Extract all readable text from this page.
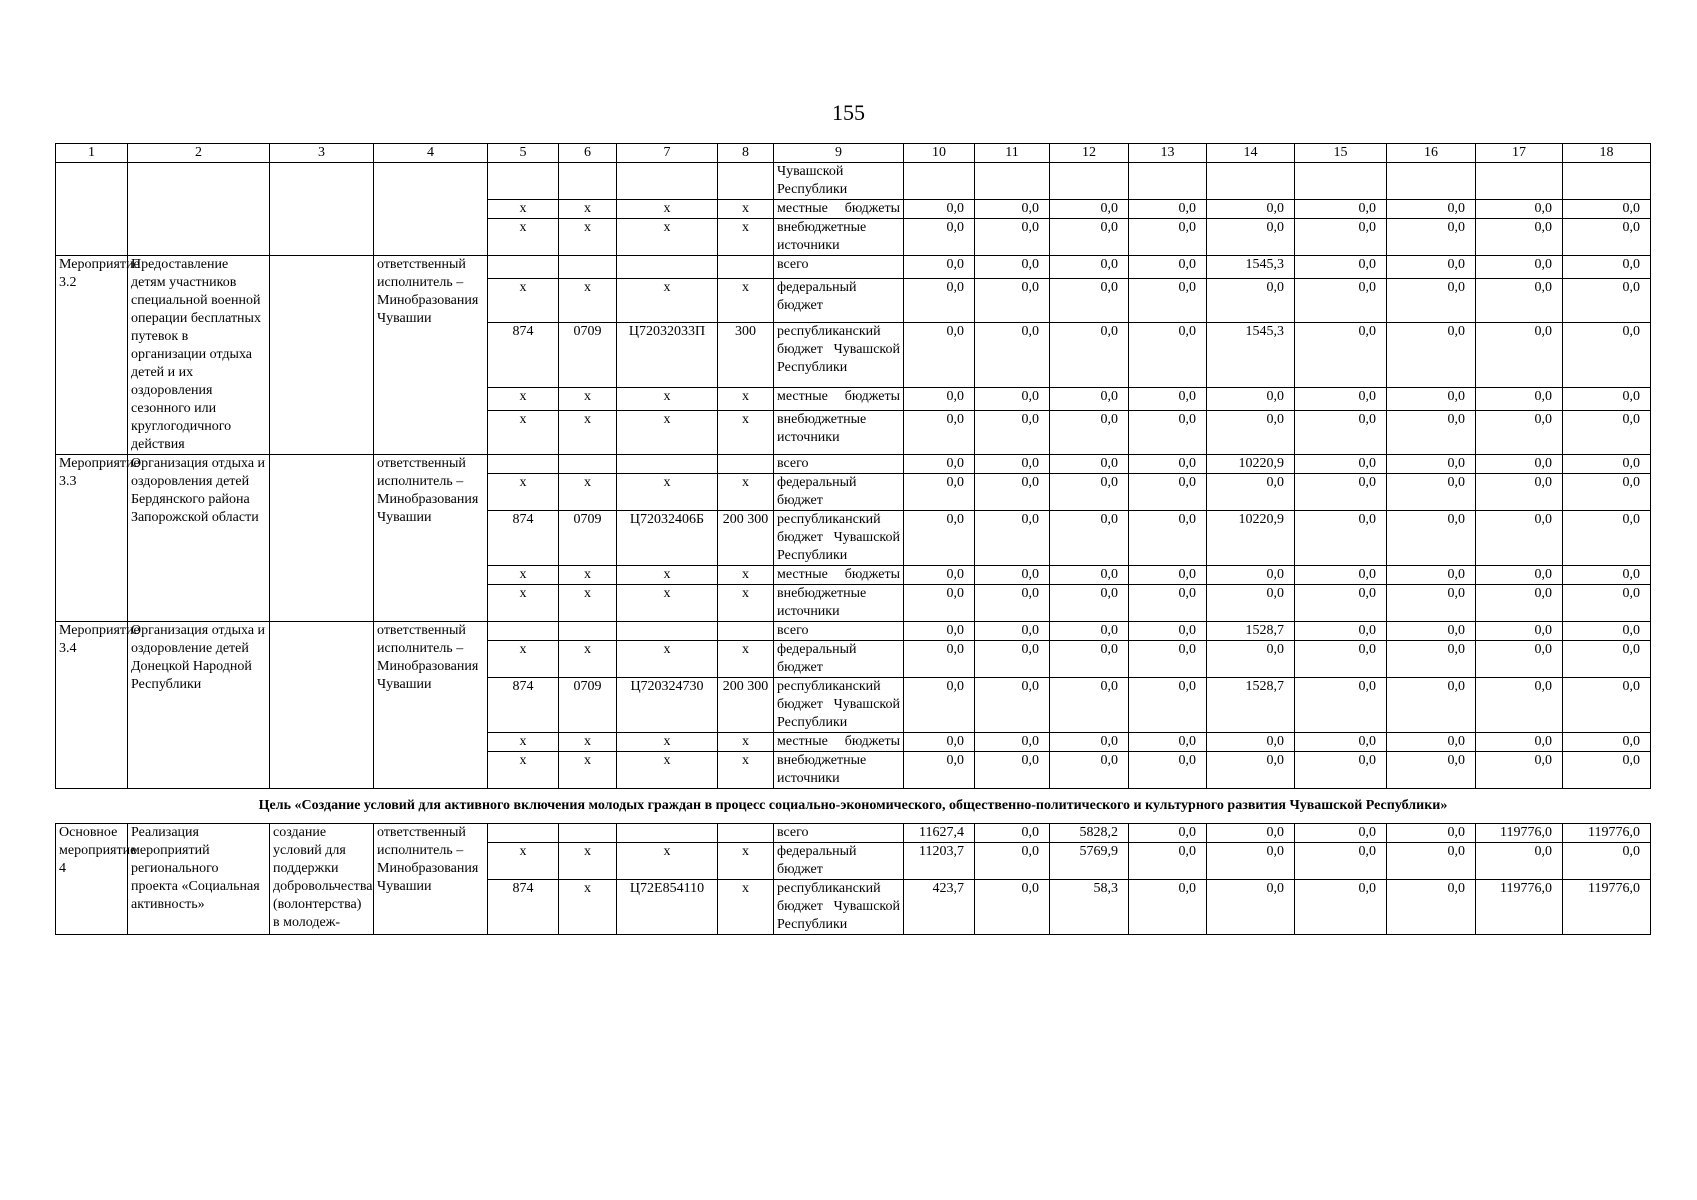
155
1	2	3	4	5	6	7	8	9	10	11	12	13	14	15	16	17	18
								Чувашской Республики									
				x	x	x	x	местные бюджеты	0,0	0,0	0,0	0,0	0,0	0,0	0,0	0,0	0,0
				x	x	x	x	внебюджетные источники	0,0	0,0	0,0	0,0	0,0	0,0	0,0	0,0	0,0
Мероприятие 3.2	Предоставление детям участников специальной военной операции бесплатных путевок в организации отдыха детей и их оздоровления сезонного или круглогодичного действия		ответственный исполнитель – Минобразования Чувашии					всего	0,0	0,0	0,0	0,0	1545,3	0,0	0,0	0,0	0,0
				x	x	x	x	федеральный бюджет	0,0	0,0	0,0	0,0	0,0	0,0	0,0	0,0	0,0
				874	0709	Ц72032033П	300	республиканский бюджет Чувашской Республики	0,0	0,0	0,0	0,0	1545,3	0,0	0,0	0,0	0,0
				x	x	x	x	местные бюджеты	0,0	0,0	0,0	0,0	0,0	0,0	0,0	0,0	0,0
				x	x	x	x	внебюджетные источники	0,0	0,0	0,0	0,0	0,0	0,0	0,0	0,0	0,0
Мероприятие 3.3	Организация отдыха и оздоровления детей Бердянского района Запорожской области		ответственный исполнитель – Минобразования Чувашии					всего	0,0	0,0	0,0	0,0	10220,9	0,0	0,0	0,0	0,0
				x	x	x	x	федеральный бюджет	0,0	0,0	0,0	0,0	0,0	0,0	0,0	0,0	0,0
				874	0709	Ц72032406Б	200 300	республиканский бюджет Чувашской Республики	0,0	0,0	0,0	0,0	10220,9	0,0	0,0	0,0	0,0
				x	x	x	x	местные бюджеты	0,0	0,0	0,0	0,0	0,0	0,0	0,0	0,0	0,0
				x	x	x	x	внебюджетные источники	0,0	0,0	0,0	0,0	0,0	0,0	0,0	0,0	0,0
Мероприятие 3.4	Организация отдыха и оздоровление детей Донецкой Народной Республики		ответственный исполнитель – Минобразования Чувашии					всего	0,0	0,0	0,0	0,0	1528,7	0,0	0,0	0,0	0,0
				x	x	x	x	федеральный бюджет	0,0	0,0	0,0	0,0	0,0	0,0	0,0	0,0	0,0
				874	0709	Ц720324730	200 300	республиканский бюджет Чувашской Республики	0,0	0,0	0,0	0,0	1528,7	0,0	0,0	0,0	0,0
				x	x	x	x	местные бюджеты	0,0	0,0	0,0	0,0	0,0	0,0	0,0	0,0	0,0
				x	x	x	x	внебюджетные источники	0,0	0,0	0,0	0,0	0,0	0,0	0,0	0,0	0,0
Цель «Создание условий для активного включения молодых граждан в процесс социально-экономического, общественно-политического и культурного развития Чувашской Республики»																	
Основное мероприятие 4	Реализация мероприятий регионального проекта «Социальная активность»	создание условий для поддержки добровольчества (волонтерства) в молодеж-	ответственный исполнитель – Минобразования Чувашии					всего	11627,4	0,0	5828,2	0,0	0,0	0,0	0,0	119776,0	119776,0
				x	x	x	x	федеральный бюджет	11203,7	0,0	5769,9	0,0	0,0	0,0	0,0	0,0	0,0
				874	x	Ц72E854110	x	республиканский бюджет Чувашской Республики	423,7	0,0	58,3	0,0	0,0	0,0	0,0	119776,0	119776,0
